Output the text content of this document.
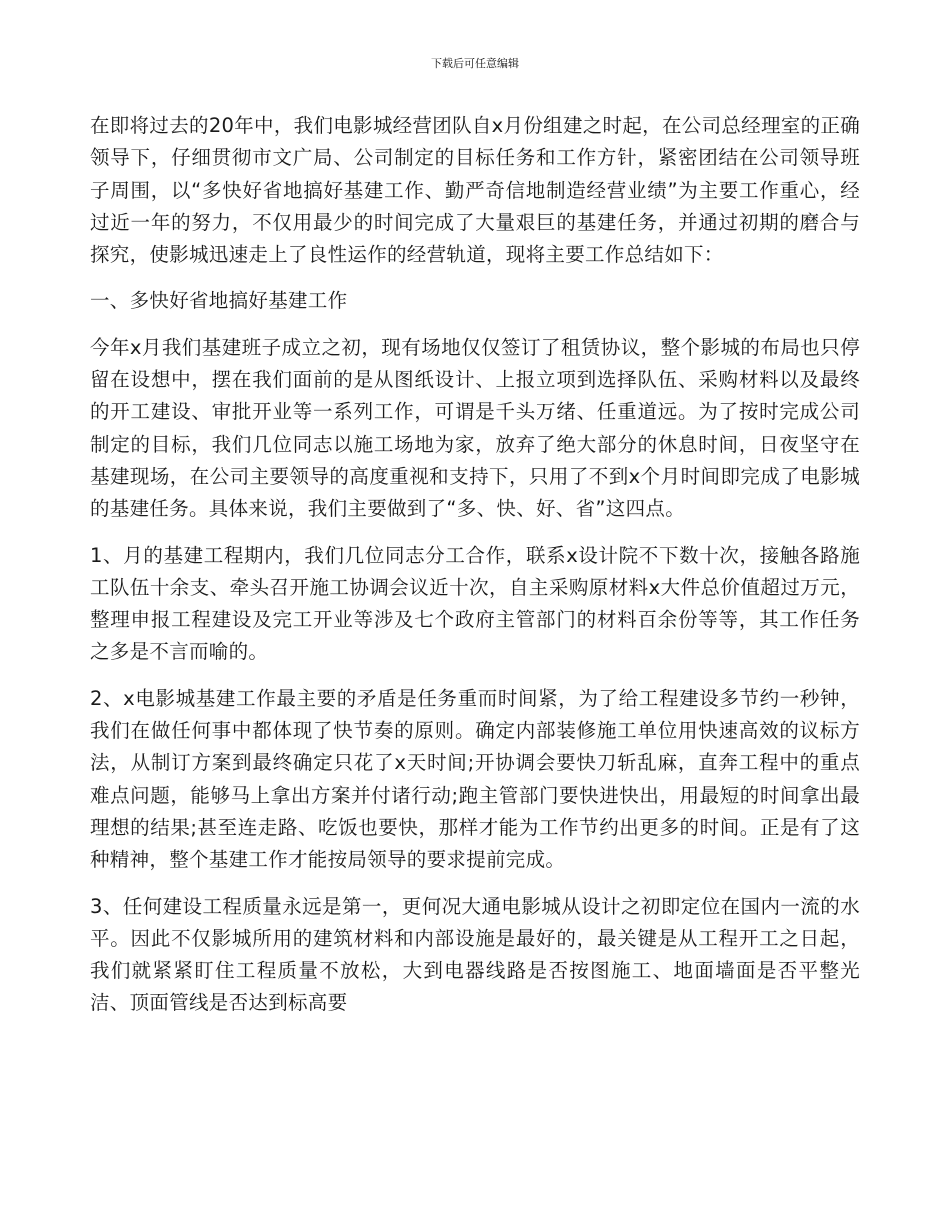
下载后可任意编辑

在即将过去的20年中，我们电影城经营团队自x月份组建之时起，在公司总经理室的正确领导下，仔细贯彻市文广局、公司制定的目标任务和工作方针，紧密团结在公司领导班子周围，以“多快好省地搞好基建工作、勤严奇信地制造经营业绩”为主要工作重心，经过近一年的努力，不仅用最少的时间完成了大量艰巨的基建任务，并通过初期的磨合与探究，使影城迅速走上了良性运作的经营轨道，现将主要工作总结如下：

一、多快好省地搞好基建工作

今年x月我们基建班子成立之初，现有场地仅仅签订了租赁协议，整个影城的布局也只停留在设想中，摆在我们面前的是从图纸设计、上报立项到选择队伍、采购材料以及最终的开工建设、审批开业等一系列工作，可谓是千头万绪、任重道远。为了按时完成公司制定的目标，我们几位同志以施工场地为家，放弃了绝大部分的休息时间，日夜坚守在基建现场，在公司主要领导的高度重视和支持下，只用了不到x个月时间即完成了电影城的基建任务。具体来说，我们主要做到了“多、快、好、省”这四点。

1、月的基建工程期内，我们几位同志分工合作，联系x设计院不下数十次，接触各路施工队伍十余支、牵头召开施工协调会议近十次，自主采购原材料x大件总价值超过万元，整理申报工程建设及完工开业等涉及七个政府主管部门的材料百余份等等，其工作任务之多是不言而喻的。

2、x电影城基建工作最主要的矛盾是任务重而时间紧，为了给工程建设多节约一秒钟，我们在做任何事中都体现了快节奏的原则。确定内部装修施工单位用快速高效的议标方法，从制订方案到最终确定只花了x天时间;开协调会要快刀斩乱麻，直奔工程中的重点难点问题，能够马上拿出方案并付诸行动;跑主管部门要快进快出，用最短的时间拿出最理想的结果;甚至连走路、吃饭也要快，那样才能为工作节约出更多的时间。正是有了这种精神，整个基建工作才能按局领导的要求提前完成。

3、任何建设工程质量永远是第一，更何况大通电影城从设计之初即定位在国内一流的水平。因此不仅影城所用的建筑材料和内部设施是最好的，最关键是从工程开工之日起，我们就紧紧盯住工程质量不放松，大到电器线路是否按图施工、地面墙面是否平整光洁、顶面管线是否达到标高要
